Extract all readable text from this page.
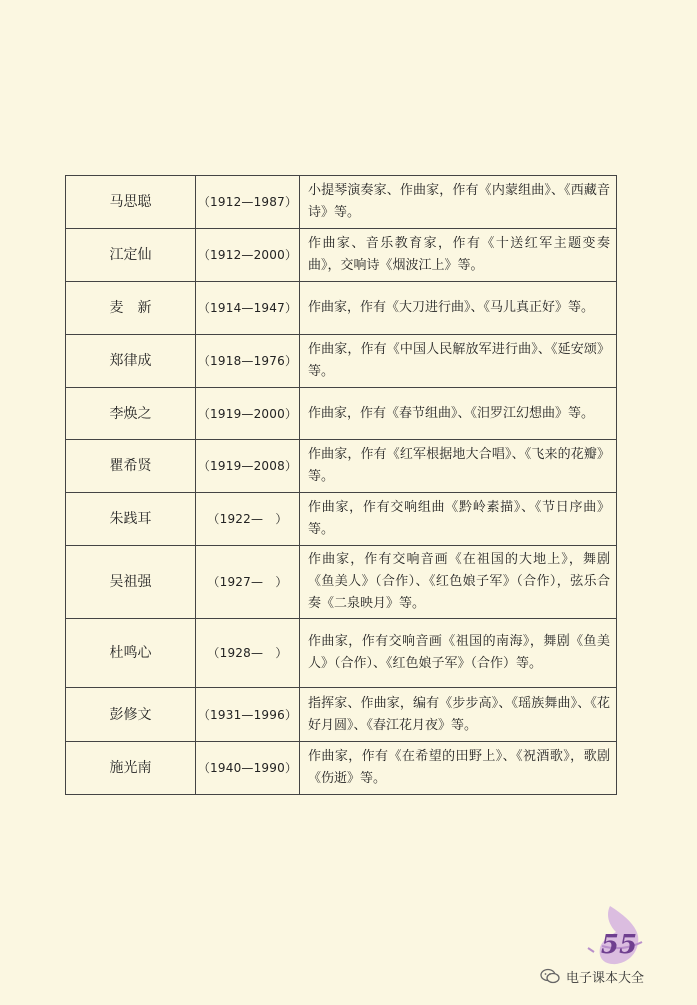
马思聪	（1912—1987）	小提琴演奏家、作曲家，作有《内蒙组曲》、《西藏音诗》等。
江定仙	（1912—2000）	作曲家、音乐教育家，作有《十送红军主题变奏曲》，交响诗《烟波江上》等。
麦　新	（1914—1947）	作曲家，作有《大刀进行曲》、《马儿真正好》等。
郑律成	（1918—1976）	作曲家，作有《中国人民解放军进行曲》、《延安颂》等。
李焕之	（1919—2000）	作曲家，作有《春节组曲》、《汨罗江幻想曲》等。
瞿希贤	（1919—2008）	作曲家，作有《红军根据地大合唱》、《飞来的花瓣》等。
朱践耳	（1922—　）	作曲家，作有交响组曲《黔岭素描》、《节日序曲》等。
吴祖强	（1927—　）	作曲家，作有交响音画《在祖国的大地上》，舞剧《鱼美人》（合作）、《红色娘子军》（合作），弦乐合奏《二泉映月》等。
杜鸣心	（1928—　）	作曲家，作有交响音画《祖国的南海》，舞剧《鱼美人》（合作）、《红色娘子军》（合作）等。
彭修文	（1931—1996）	指挥家、作曲家，编有《步步高》、《瑶族舞曲》、《花好月圆》、《春江花月夜》等。
施光南	（1940—1990）	作曲家，作有《在希望的田野上》、《祝酒歌》，歌剧《伤逝》等。
55
电子课本大全
